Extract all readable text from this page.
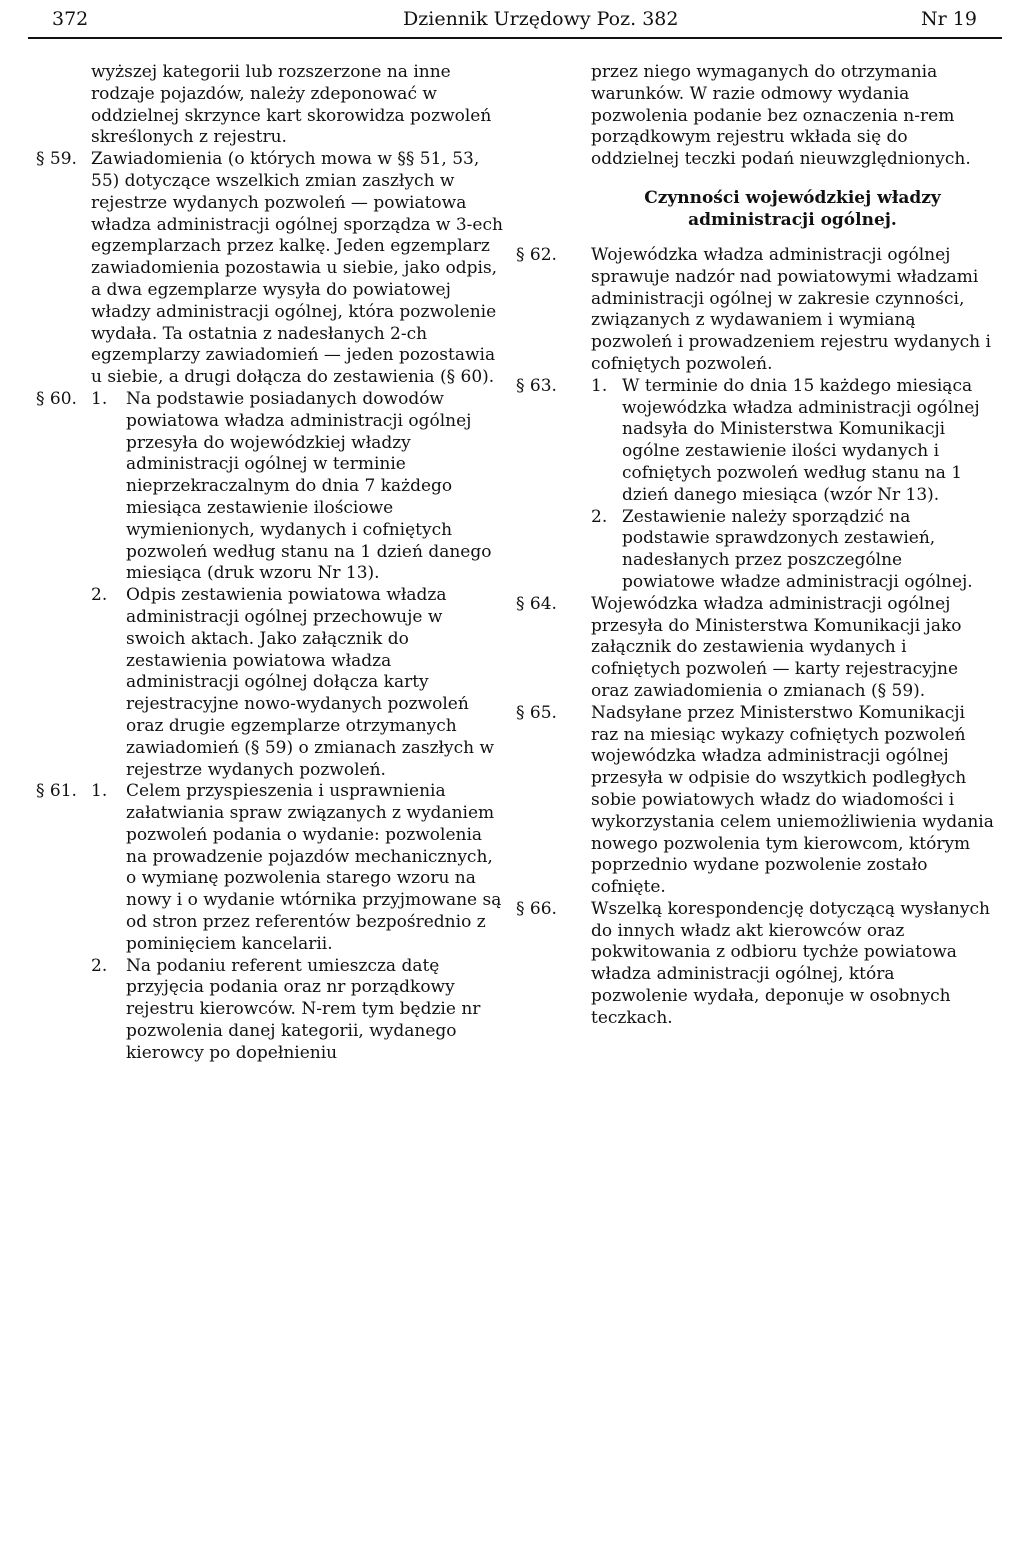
372	Dziennik Urzędowy Poz. 382	Nr 19

wyższej kategorii lub rozszerzone na inne rodzaje pojazdów, należy zdeponować w oddzielnej skrzynce kart skorowidza pozwoleń skreślonych z rejestru.

§ 59. Zawiadomienia (o których mowa w §§ 51, 53, 55) dotyczące wszelkich zmian zaszłych w rejestrze wydanych pozwoleń — powiatowa władza administracji ogólnej sporządza w 3-ech egzemplarzach przez kalkę. Jeden egzemplarz zawiadomienia pozostawia u siebie, jako odpis, a dwa egzemplarze wysyła do powiatowej władzy administracji ogólnej, która pozwolenie wydała. Ta ostatnia z nadesłanych 2-ch egzemplarzy zawiadomień — jeden pozostawia u siebie, a drugi dołącza do zestawienia (§ 60).

§ 60. 1. Na podstawie posiadanych dowodów powiatowa władza administracji ogólnej przesyła do wojewódzkiej władzy administracji ogólnej w terminie nieprzekraczalnym do dnia 7 każdego miesiąca zestawienie ilościowe wymienionych, wydanych i cofniętych pozwoleń według stanu na 1 dzień danego miesiąca (druk wzoru Nr 13).

2. Odpis zestawienia powiatowa władza administracji ogólnej przechowuje w swoich aktach. Jako załącznik do zestawienia powiatowa władza administracji ogólnej dołącza karty rejestracyjne nowo-wydanych pozwoleń oraz drugie egzemplarze otrzymanych zawiadomień (§ 59) o zmianach zaszłych w rejestrze wydanych pozwoleń.

§ 61. 1. Celem przyspieszenia i usprawnienia załatwiania spraw związanych z wydaniem pozwoleń podania o wydanie: pozwolenia na prowadzenie pojazdów mechanicznych, o wymianę pozwolenia starego wzoru na nowy i o wydanie wtórnika przyjmowane są od stron przez referentów bezpośrednio z pominięciem kancelarii.

2. Na podaniu referent umieszcza datę przyjęcia podania oraz nr porządkowy rejestru kierowców. N-rem tym będzie nr pozwolenia danej kategorii, wydanego kierowcy po dopełnieniu

przez niego wymaganych do otrzymania warunków. W razie odmowy wydania pozwolenia podanie bez oznaczenia n-rem porządkowym rejestru wkłada się do oddzielnej teczki podań nieuwzględnionych.

Czynności wojewódzkiej władzy administracji ogólnej.

§ 62.	Wojewódzka władza administracji ogólnej sprawuje nadzór nad powiatowymi władzami administracji ogólnej w zakresie czynności, związanych z wydawaniem i wymianą pozwoleń i prowadzeniem rejestru wydanych i cofniętych pozwoleń.

§ 63.	1. W terminie do dnia 15 każdego miesiąca wojewódzka władza administracji ogólnej nadsyła do Ministerstwa Komunikacji ogólne zestawienie ilości wydanych i cofniętych pozwoleń według stanu na 1 dzień danego miesiąca (wzór Nr 13).

2. Zestawienie należy sporządzić na podstawie sprawdzonych zestawień, nadesłanych przez poszczególne powiatowe władze administracji ogólnej.

§ 64.	Wojewódzka władza administracji ogólnej przesyła do Ministerstwa Komunikacji jako załącznik do zestawienia wydanych i cofniętych pozwoleń — karty rejestracyjne oraz zawiadomienia o zmianach (§ 59).

§ 65.	Nadsyłane przez Ministerstwo Komunikacji raz na miesiąc wykazy cofniętych pozwoleń wojewódzka władza administracji ogólnej przesyła w odpisie do wszytkich podległych sobie powiatowych władz do wiadomości i wykorzystania celem uniemożliwienia wydania nowego pozwolenia tym kierowcom, którym poprzednio wydane pozwolenie zostało cofnięte.

§ 66.	Wszelką korespondencję dotyczącą wysłanych do innych władz akt kierowców oraz pokwitowania z odbioru tychże powiatowa władza administracji ogólnej, która pozwolenie wydała, deponuje w osobnych teczkach.
